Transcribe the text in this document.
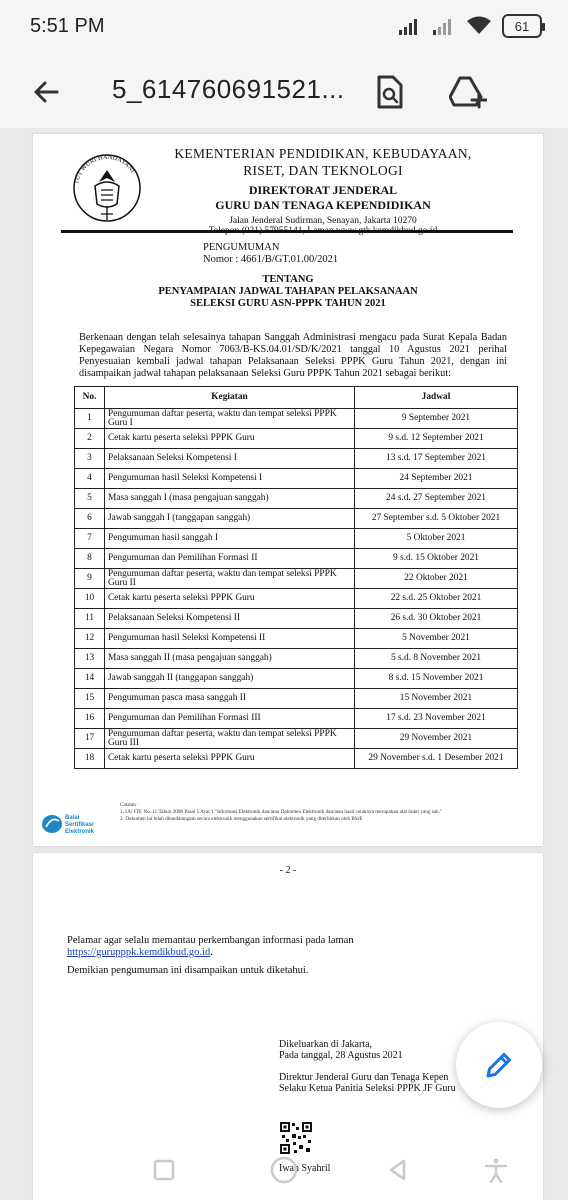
5:51 PM	61
5_614760691521...
TUT WURI HANDAYANI
KEMENTERIAN PENDIDIKAN, KEBUDAYAAN,
RISET, DAN TEKNOLOGI
DIREKTORAT JENDERAL
GURU DAN TENAGA KEPENDIDIKAN
Jalan Jenderal Sudirman, Senayan, Jakarta 10270
Telepon (021) 57955141, Laman www.gtk.kemdikbud.go.id
PENGUMUMAN
Nomor : 4661/B/GT.01.00/2021
TENTANG
PENYAMPAIAN JADWAL TAHAPAN PELAKSANAAN
SELEKSI GURU ASN-PPPK TAHUN 2021

Berkenaan dengan telah selesainya tahapan Sanggah Administrasi mengacu pada Surat Kepala Badan Kepegawaian Negara Nomor 7063/B-KS.04.01/SD/K/2021 tanggal 10 Agustus 2021 perihal Penyesuaian kembali jadwal tahapan Pelaksanaan Seleksi PPPK Guru Tahun 2021, dengan ini disampaikan jadwal tahapan pelaksanaan Seleksi Guru PPPK Tahun 2021 sebagai berikut:

No.	Kegiatan	Jadwal
1	Pengumuman daftar peserta, waktu dan tempat seleksi PPPK Guru I	9 September 2021
2	Cetak kartu peserta seleksi PPPK Guru	9 s.d. 12 September 2021
3	Pelaksanaan Seleksi Kompetensi I	13 s.d. 17 September 2021
4	Pengumuman hasil Seleksi Kompetensi I	24 September 2021
5	Masa sanggah I (masa pengajuan sanggah)	24 s.d. 27 September 2021
6	Jawab sanggah I (tanggapan sanggah)	27 September s.d. 5 Oktober 2021
7	Pengumuman hasil sanggah I	5 Oktober 2021
8	Pengumuman dan Pemilihan Formasi II	9 s.d. 15 Oktober 2021
9	Pengumuman daftar peserta, waktu dan tempat seleksi PPPK Guru II	22 Oktober 2021
10	Cetak kartu peserta seleksi PPPK Guru	22 s.d. 25 Oktober 2021
11	Pelaksanaan Seleksi Kompetensi II	26 s.d. 30 Oktober 2021
12	Pengumuman hasil Seleksi Kompetensi II	5 November 2021
13	Masa sanggah II (masa pengajuan sanggah)	5 s.d. 8 November 2021
14	Jawab sanggah II (tanggapan sanggah)	8 s.d. 15 November 2021
15	Pengumuman pasca masa sanggah II	15 November 2021
16	Pengumuman dan Pemilihan Formasi III	17 s.d. 23 November 2021
17	Pengumuman daftar peserta, waktu dan tempat seleksi PPPK Guru III	29 November 2021
18	Cetak kartu peserta seleksi PPPK Guru	29 November s.d. 1 Desember 2021
Balai
Sertifikasi
Elektronik
Catatan :
1. UU ITE No. 11 Tahun 2008 Pasal 5 Ayat 1 "Informasi Elektronik dan/atau Dokumen Elektronik dan/atau hasil cetaknya merupakan alat bukti yang sah."
2. Dokumen ini telah ditandatangani secara elektronik menggunakan sertifikat elektronik yang diterbitkan oleh BSrE
- 2 -

Pelamar agar selalu memantau perkembangan informasi pada laman
https://gurupppk.kemdikbud.go.id.

Demikian pengumuman ini disampaikan untuk diketahui.

Dikeluarkan di Jakarta,
Pada tanggal, 28 Agustus 2021
Direktur Jenderal Guru dan Tenaga Kepen
Selaku Ketua Panitia Seleksi PPPK JF Guru
Iwan Syahril
